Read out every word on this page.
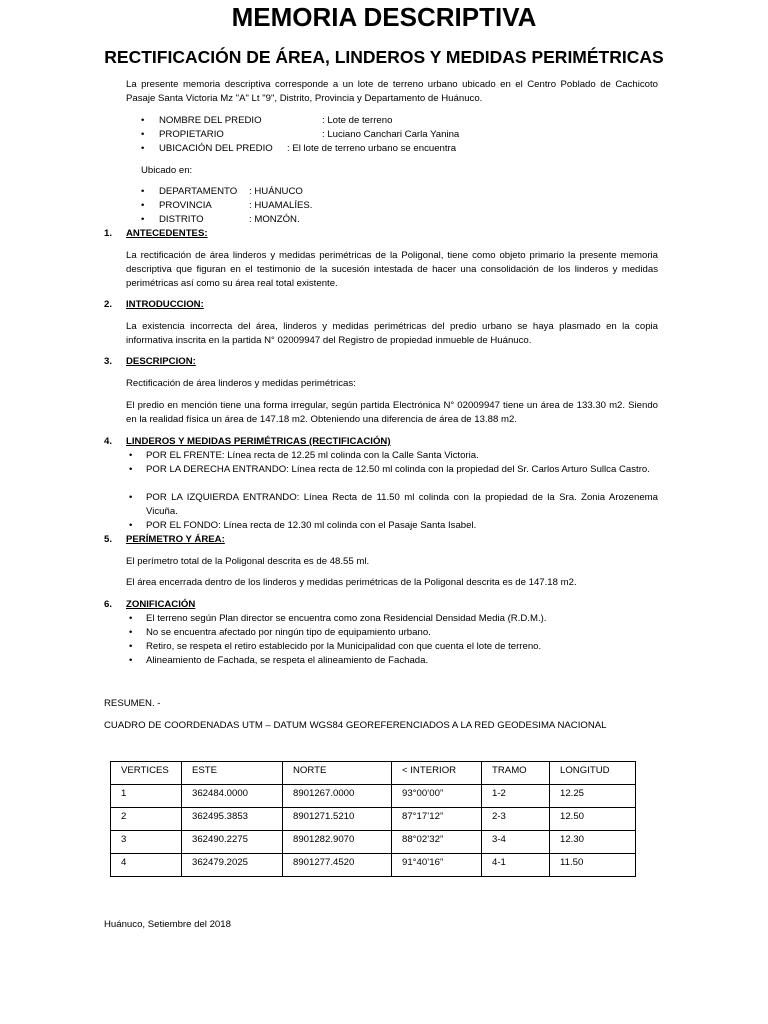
MEMORIA DESCRIPTIVA
RECTIFICACIÓN DE ÁREA, LINDEROS Y MEDIDAS PERIMÉTRICAS
La presente memoria descriptiva corresponde a un lote de terreno urbano ubicado en el Centro Poblado de Cachicoto Pasaje Santa Victoria Mz "A" Lt "9", Distrito, Provincia y Departamento de Huánuco.
• NOMBRE DEL PREDIO	: Lote de terreno
• PROPIETARIO	: Luciano Canchari Carla Yanina
• UBICACIÓN DEL PREDIO : El lote de terreno urbano se encuentra
Ubicado en:
• DEPARTAMENTO : HUÁNUCO
• PROVINCIA	: HUAMALÍES.
• DISTRITO	: MONZÓN.
1. ANTECEDENTES:
La rectificación de área linderos y medidas perimétricas de la Poligonal, tiene como objeto primario la presente memoria descriptiva que figuran en el testimonio de la sucesión intestada de hacer una consolidación de los linderos y medidas perimétricas así como su área real total existente.
2. INTRODUCCION:
La existencia incorrecta del área, linderos y medidas perimétricas del predio urbano se haya plasmado en la copia informativa inscrita en la partida N° 02009947 del Registro de propiedad inmueble de Huánuco.
3. DESCRIPCION:
Rectificación de área linderos y medidas perimétricas:
El predio en mención tiene una forma irregular, según partida Electrónica N° 02009947 tiene un área de 133.30 m2. Siendo en la realidad física un área de 147.18 m2. Obteniendo una diferencia de área de 13.88 m2.
4. LINDEROS Y MEDIDAS PERIMÉTRICAS (RECTIFICACIÓN)
• POR EL FRENTE: Línea recta de 12.25 ml colinda con la Calle Santa Victoria.
• POR LA DERECHA ENTRANDO: Línea recta de 12.50 ml colinda con la propiedad del Sr. Carlos Arturo Sullca Castro.
• POR LA IZQUIERDA ENTRANDO: Línea Recta de 11.50 ml colinda con la propiedad de la Sra. Zonia Arozenema Vicuña.
• POR EL FONDO: Línea recta de 12.30 ml colinda con el Pasaje Santa Isabel.
5. PERÍMETRO Y ÁREA:
El perímetro total de la Poligonal descrita es de 48.55 ml.
El área encerrada dentro de los linderos y medidas perimétricas de la Poligonal descrita es de 147.18 m2.
6. ZONIFICACIÓN
• El terreno según Plan director se encuentra como zona Residencial Densidad Media (R.D.M.).
• No se encuentra afectado por ningún tipo de equipamiento urbano.
• Retiro, se respeta el retiro establecido por la Municipalidad con que cuenta el lote de terreno.
• Alineamiento de Fachada, se respeta el alineamiento de Fachada.
RESUMEN. -
CUADRO DE COORDENADAS UTM – DATUM WGS84 GEOREFERENCIADOS A LA RED GEODESIMA NACIONAL
VERTICES	ESTE	NORTE	< INTERIOR	TRAMO	LONGITUD
1	362484.0000	8901267.0000	93°00’00”	1-2	12.25
2	362495.3853	8901271.5210	87°17’12”	2-3	12.50
3	362490.2275	8901282.9070	88°02’32”	3-4	12.30
4	362479.2025	8901277.4520	91°40’16”	4-1	11.50
Huánuco, Setiembre del 2018
